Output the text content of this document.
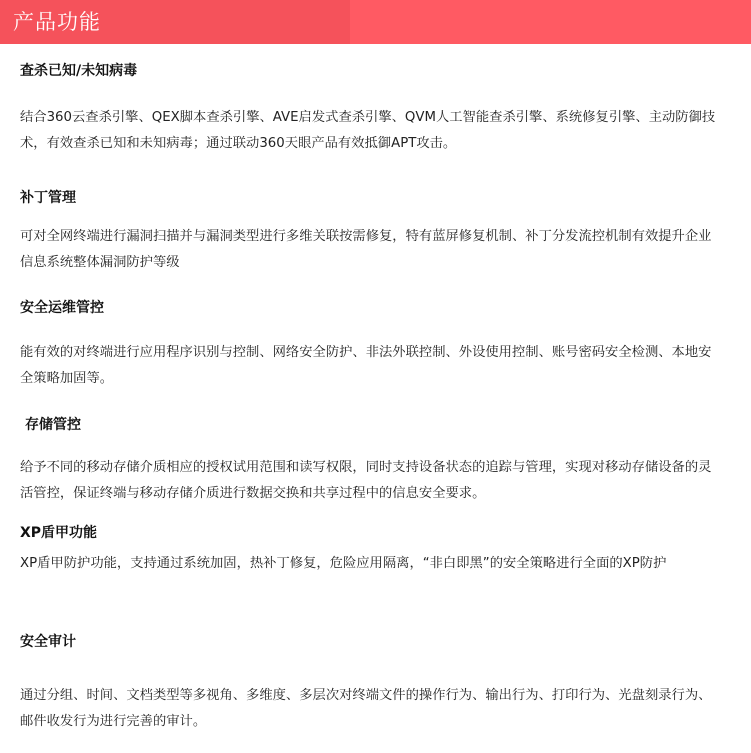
产品功能
查杀已知/未知病毒
结合360云查杀引擎、QEX脚本查杀引擎、AVE启发式查杀引擎、QVM人工智能查杀引擎、系统修复引擎、主动防御技术，有效查杀已知和未知病毒；通过联动360天眼产品有效抵御APT攻击。
补丁管理
可对全网终端进行漏洞扫描并与漏洞类型进行多维关联按需修复，特有蓝屏修复机制、补丁分发流控机制有效提升企业信息系统整体漏洞防护等级
安全运维管控
能有效的对终端进行应用程序识别与控制、网络安全防护、非法外联控制、外设使用控制、账号密码安全检测、本地安全策略加固等。
存储管控
给予不同的移动存储介质相应的授权试用范围和读写权限，同时支持设备状态的追踪与管理，实现对移动存储设备的灵活管控，保证终端与移动存储介质进行数据交换和共享过程中的信息安全要求。
XP盾甲功能
XP盾甲防护功能，支持通过系统加固，热补丁修复，危险应用隔离，“非白即黑”的安全策略进行全面的XP防护
安全审计
通过分组、时间、文档类型等多视角、多维度、多层次对终端文件的操作行为、输出行为、打印行为、光盘刻录行为、邮件收发行为进行完善的审计。
